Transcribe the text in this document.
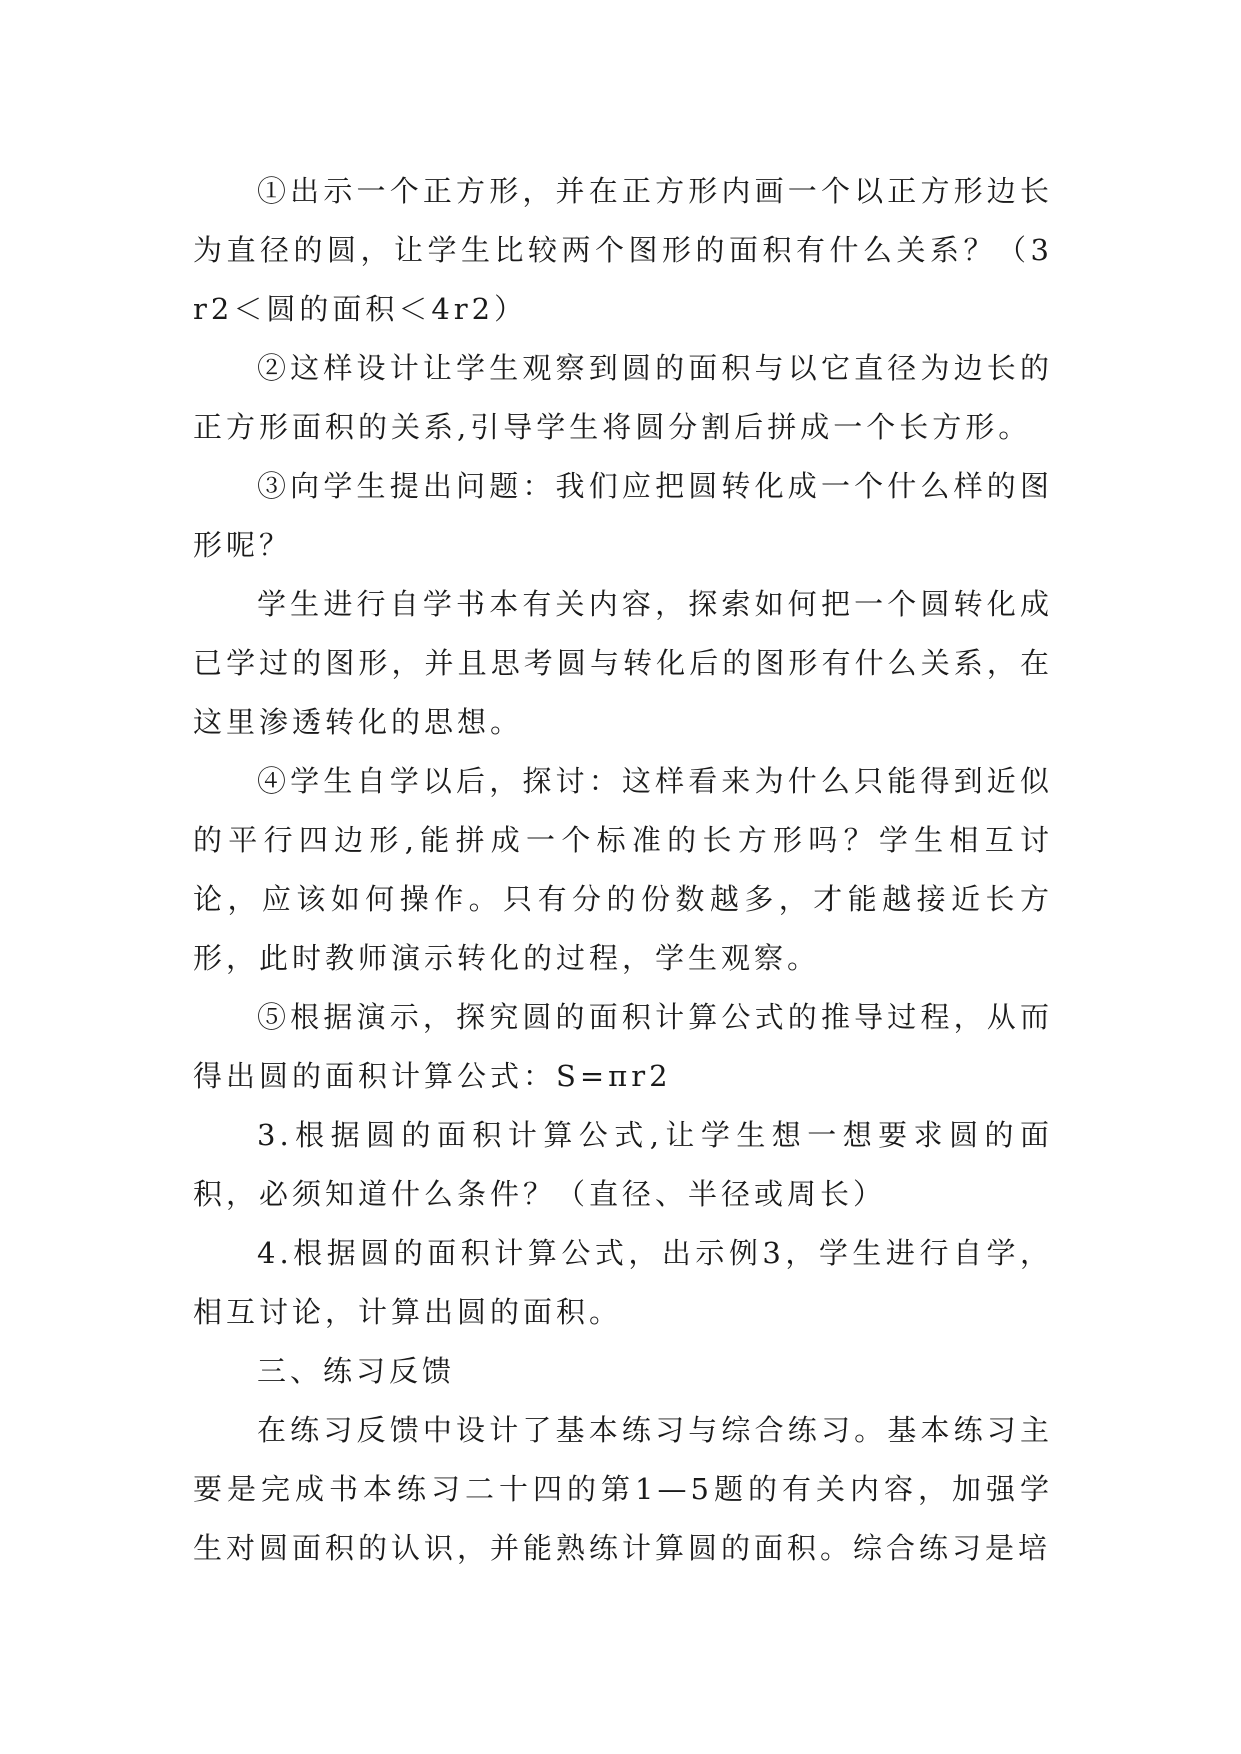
①出示一个正方形，并在正方形内画一个以正方形边长为直径的圆，让学生比较两个图形的面积有什么关系？（3r2＜圆的面积＜4r2）

②这样设计让学生观察到圆的面积与以它直径为边长的正方形面积的关系,引导学生将圆分割后拼成一个长方形。

③向学生提出问题：我们应把圆转化成一个什么样的图形呢？

学生进行自学书本有关内容，探索如何把一个圆转化成已学过的图形，并且思考圆与转化后的图形有什么关系，在这里渗透转化的思想。

④学生自学以后，探讨：这样看来为什么只能得到近似的平行四边形,能拼成一个标准的长方形吗？学生相互讨论，应该如何操作。只有分的份数越多，才能越接近长方形，此时教师演示转化的过程，学生观察。

⑤根据演示，探究圆的面积计算公式的推导过程，从而得出圆的面积计算公式：S=πr2

3.根据圆的面积计算公式,让学生想一想要求圆的面积，必须知道什么条件？（直径、半径或周长）

4.根据圆的面积计算公式，出示例3，学生进行自学，相互讨论，计算出圆的面积。

三、练习反馈

在练习反馈中设计了基本练习与综合练习。基本练习主要是完成书本练习二十四的第1—5题的有关内容，加强学生对圆面积的认识，并能熟练计算圆的面积。综合练习是培
